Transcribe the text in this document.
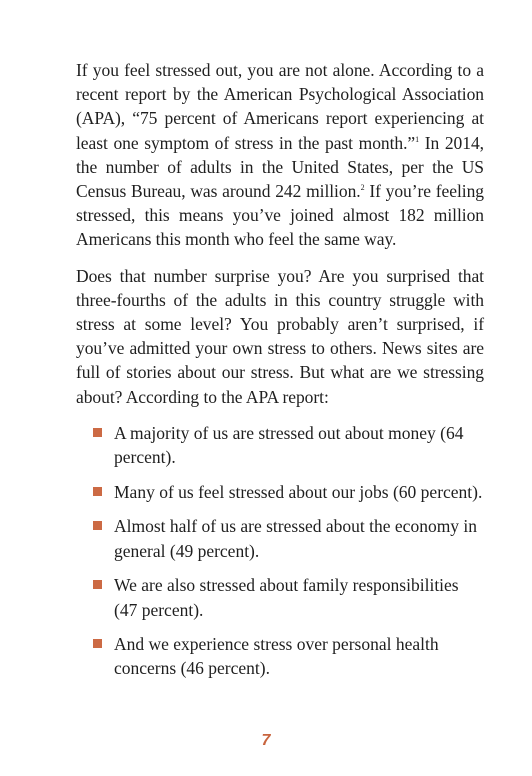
If you feel stressed out, you are not alone. According to a recent report by the American Psychological Association (APA), “75 percent of Americans report experiencing at least one symptom of stress in the past month.”$^1$ In 2014, the number of adults in the United States, per the US Census Bureau, was around 242 million.$^2$ If you’re feeling stressed, this means you’ve joined almost 182 million Americans this month who feel the same way.

Does that number surprise you? Are you surprised that three-fourths of the adults in this country struggle with stress at some level? You probably aren’t surprised, if you’ve admitted your own stress to others. News sites are full of stories about our stress. But what are we stressing about? According to the APA report:

A majority of us are stressed out about money (64 percent).
Many of us feel stressed about our jobs (60 percent).
Almost half of us are stressed about the economy in general (49 percent).
We are also stressed about family responsibilities (47 percent).
And we experience stress over personal health concerns (46 percent).
7
